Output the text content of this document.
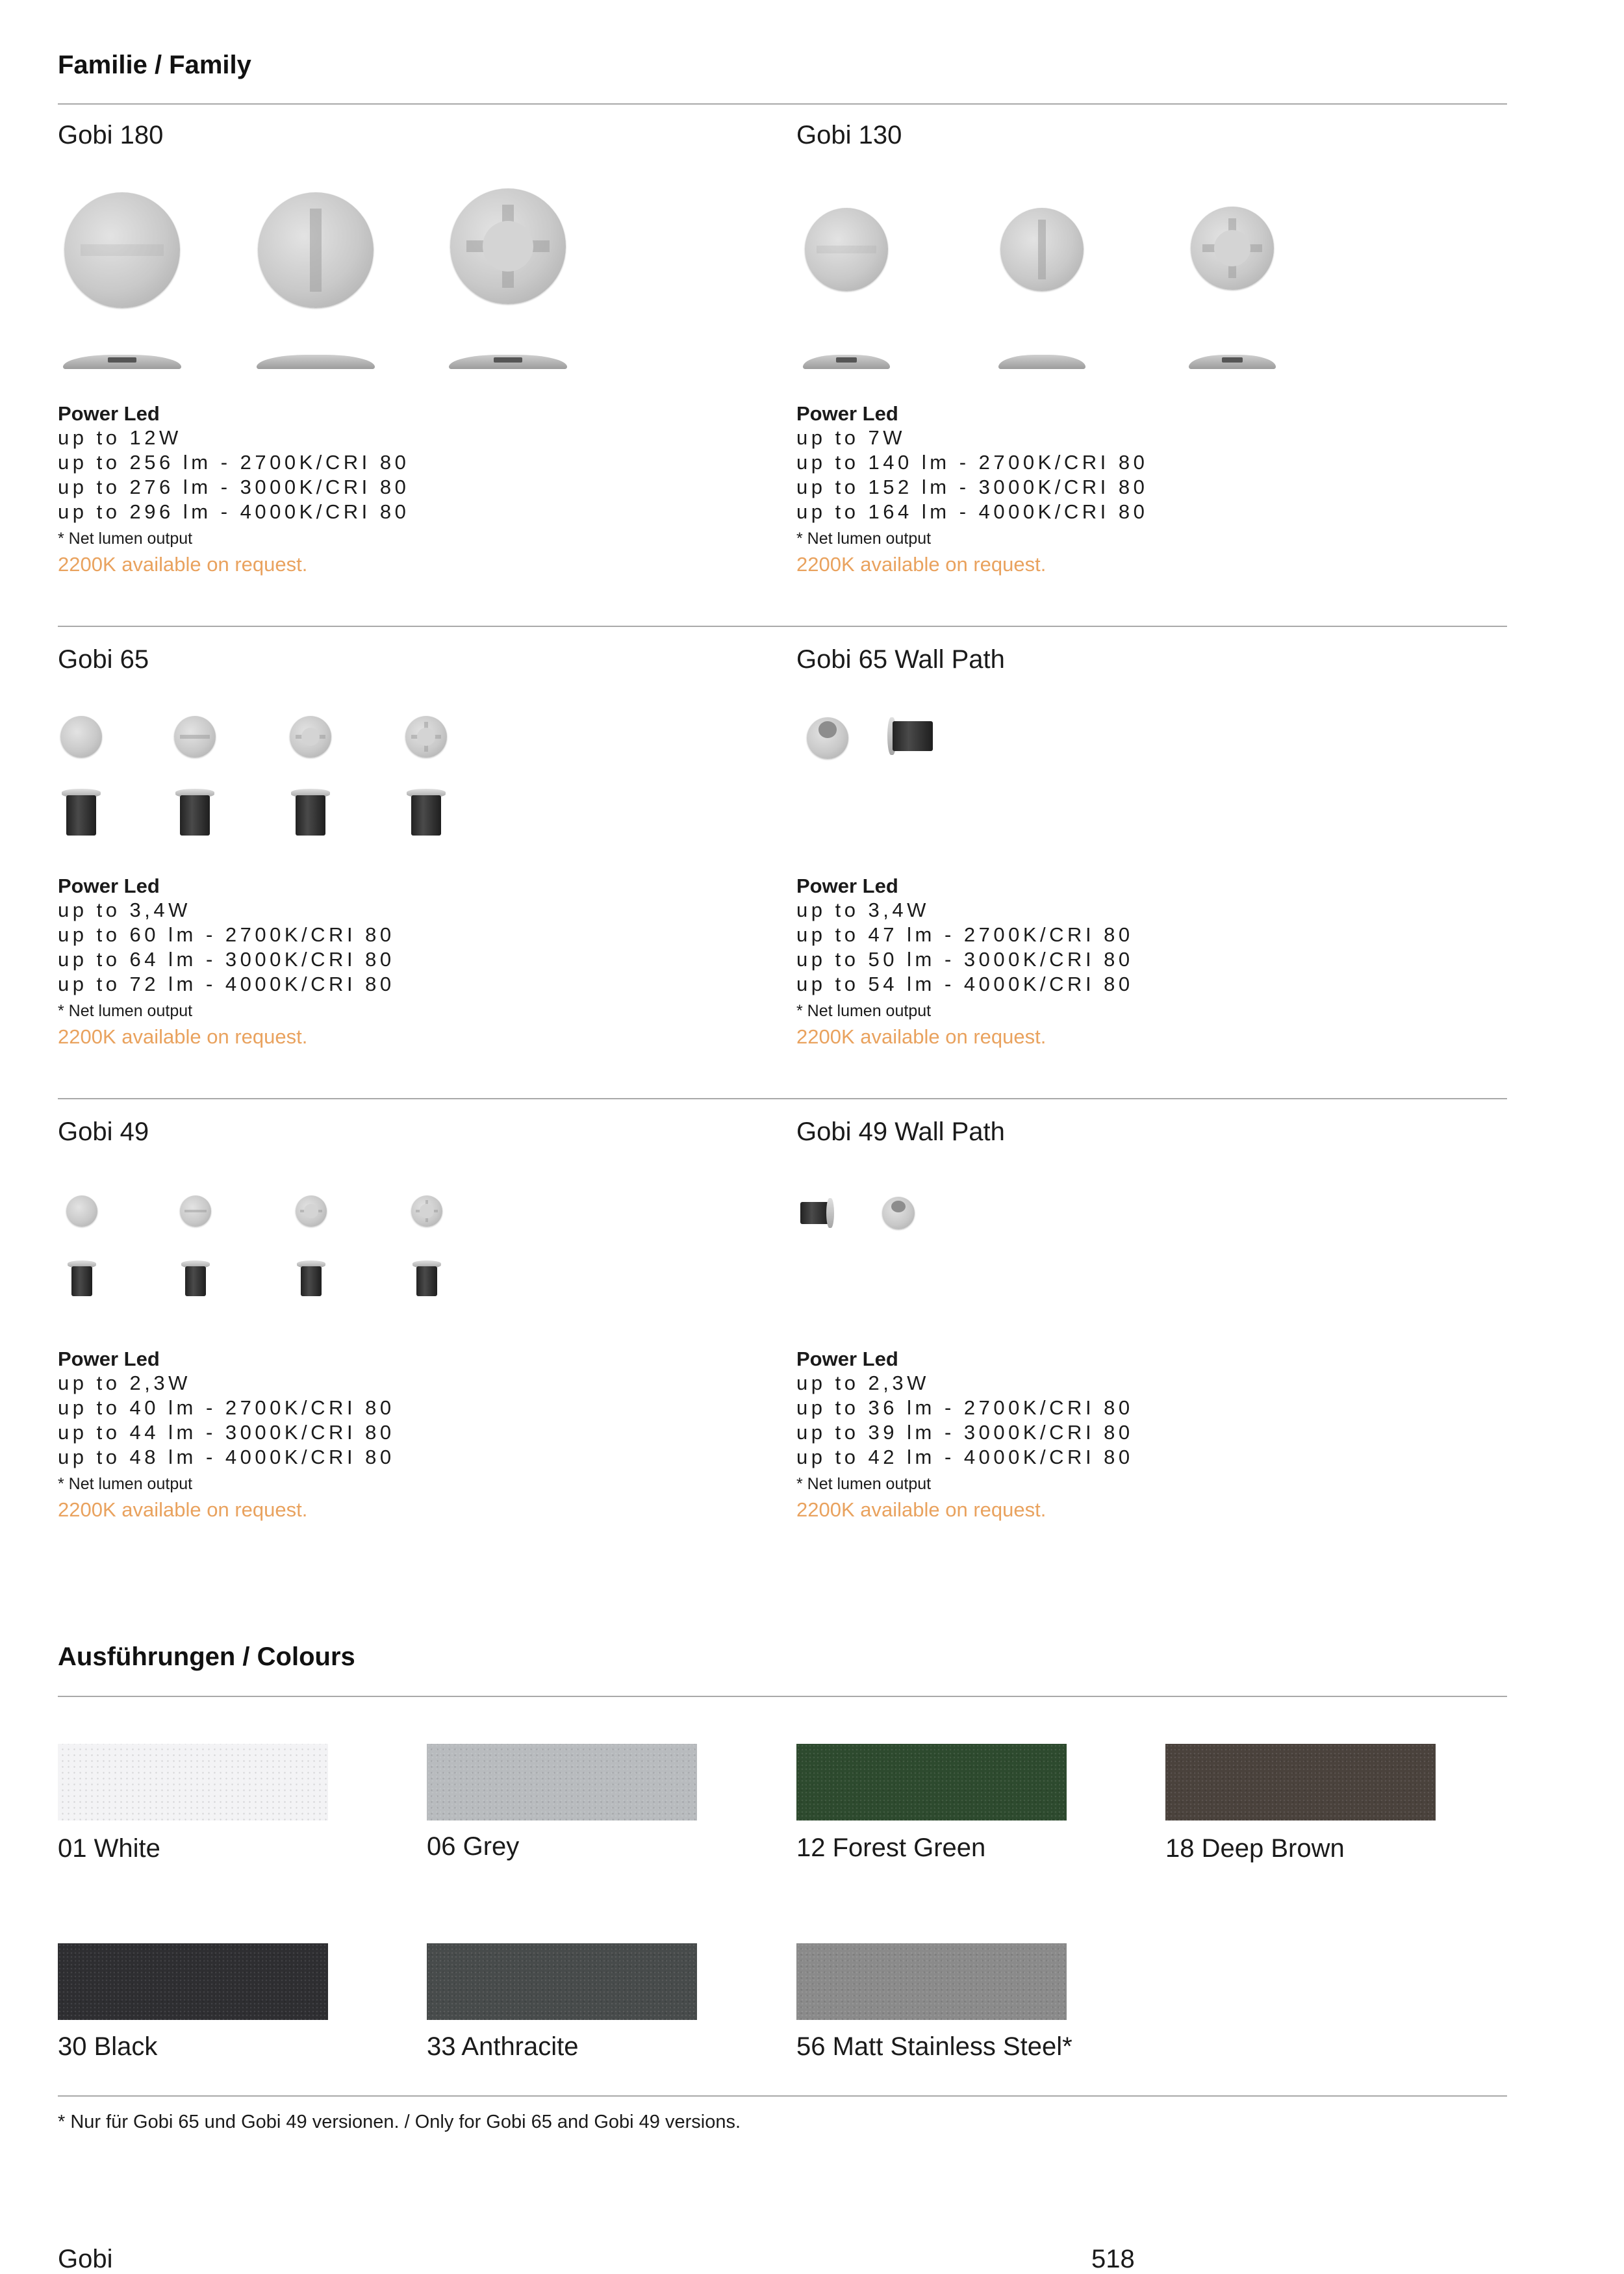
Familie / Family
Gobi 180
Power Led
up to 12W
up to 256 lm - 2700K/CRI 80
up to 276 lm - 3000K/CRI 80
up to 296 lm - 4000K/CRI 80
* Net lumen output
2200K available on request.
Gobi 130
Power Led
up to 7W
up to 140 lm - 2700K/CRI 80
up to 152 lm - 3000K/CRI 80
up to 164 lm - 4000K/CRI 80
* Net lumen output
2200K available on request.
Gobi 65
Power Led
up to 3,4W
up to 60 lm - 2700K/CRI 80
up to 64 lm - 3000K/CRI 80
up to 72 lm - 4000K/CRI 80
* Net lumen output
2200K available on request.
Gobi 65 Wall Path
Power Led
up to 3,4W
up to 47 lm - 2700K/CRI 80
up to 50 lm - 3000K/CRI 80
up to 54 lm - 4000K/CRI 80
* Net lumen output
2200K available on request.
Gobi 49
Power Led
up to 2,3W
up to 40 lm - 2700K/CRI 80
up to 44 lm - 3000K/CRI 80
up to 48 lm - 4000K/CRI 80
* Net lumen output
2200K available on request.
Gobi 49 Wall Path
Power Led
up to 2,3W
up to 36 lm - 2700K/CRI 80
up to 39 lm - 3000K/CRI 80
up to 42 lm - 4000K/CRI 80
* Net lumen output
2200K available on request.
Ausführungen / Colours
01 White	06 Grey	12 Forest Green	18 Deep Brown
30 Black	33 Anthracite	56 Matt Stainless Steel*
* Nur für Gobi 65 und Gobi 49 versionen. / Only for Gobi 65 and Gobi 49 versions.
Gobi	518
